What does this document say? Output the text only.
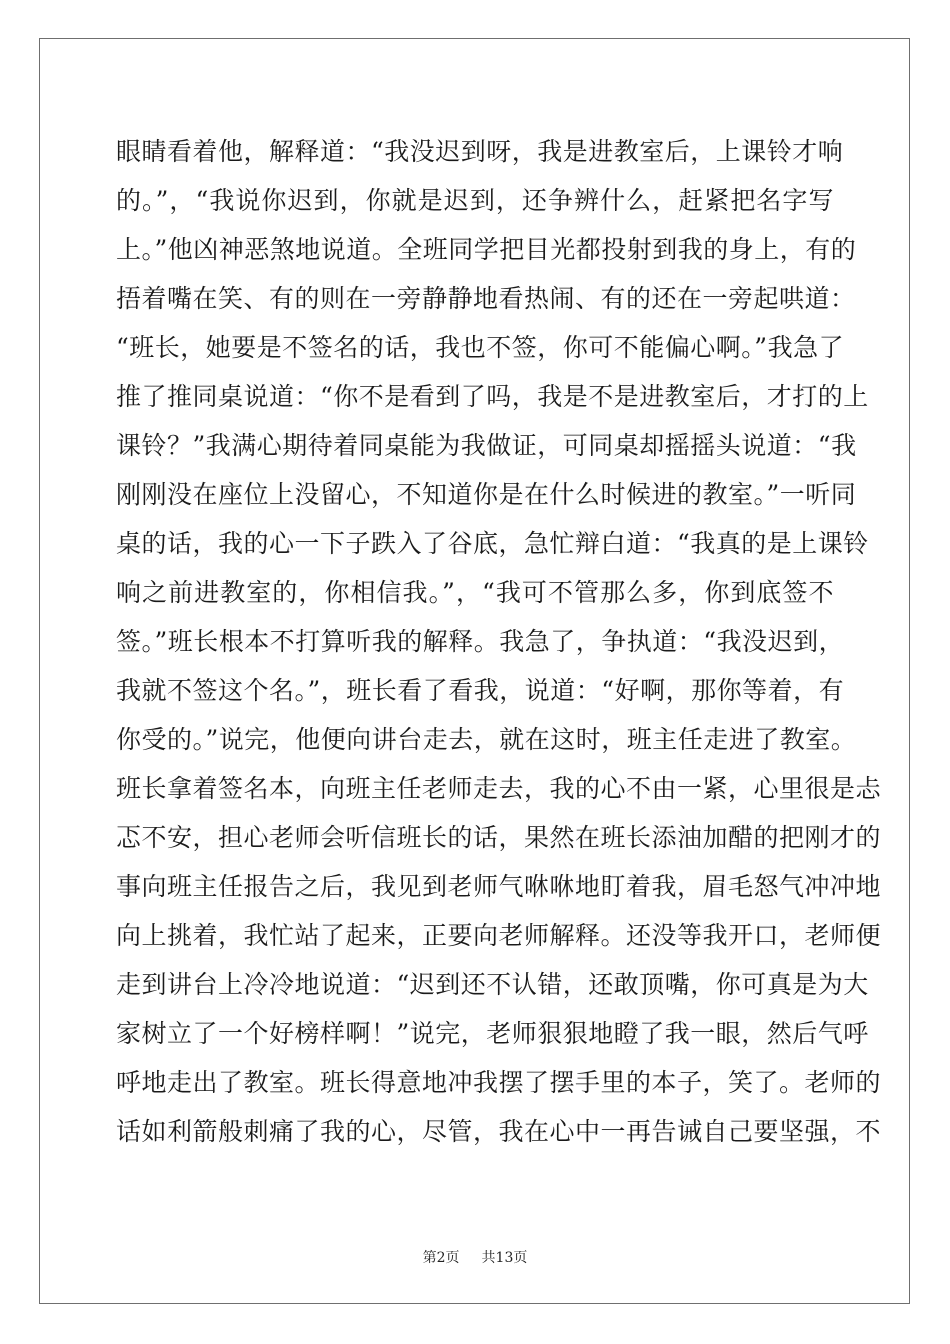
眼睛看着他，解释道：“我没迟到呀，我是进教室后，上课铃才响
的。”，“我说你迟到，你就是迟到，还争辨什么，赶紧把名字写
上。”他凶神恶煞地说道。全班同学把目光都投射到我的身上，有的
捂着嘴在笑、有的则在一旁静静地看热闹、有的还在一旁起哄道：
“班长，她要是不签名的话，我也不签，你可不能偏心啊。”我急了
推了推同桌说道：“你不是看到了吗，我是不是进教室后，才打的上
课铃？”我满心期待着同桌能为我做证，可同桌却摇摇头说道：“我
刚刚没在座位上没留心，不知道你是在什么时候进的教室。”一听同
桌的话，我的心一下子跌入了谷底，急忙辩白道：“我真的是上课铃
响之前进教室的，你相信我。”，“我可不管那么多，你到底签不
签。”班长根本不打算听我的解释。我急了，争执道：“我没迟到，
我就不签这个名。”，班长看了看我，说道：“好啊，那你等着，有
你受的。”说完，他便向讲台走去，就在这时，班主任走进了教室。
班长拿着签名本，向班主任老师走去，我的心不由一紧，心里很是忐
忑不安，担心老师会听信班长的话，果然在班长添油加醋的把刚才的
事向班主任报告之后，我见到老师气咻咻地盯着我，眉毛怒气冲冲地
向上挑着，我忙站了起来，正要向老师解释。还没等我开口，老师便
走到讲台上冷冷地说道：“迟到还不认错，还敢顶嘴，你可真是为大
家树立了一个好榜样啊！”说完，老师狠狠地瞪了我一眼，然后气呼
呼地走出了教室。班长得意地冲我摆了摆手里的本子，笑了。老师的
话如利箭般刺痛了我的心，尽管，我在心中一再告诫自己要坚强，不
第2页 共13页
